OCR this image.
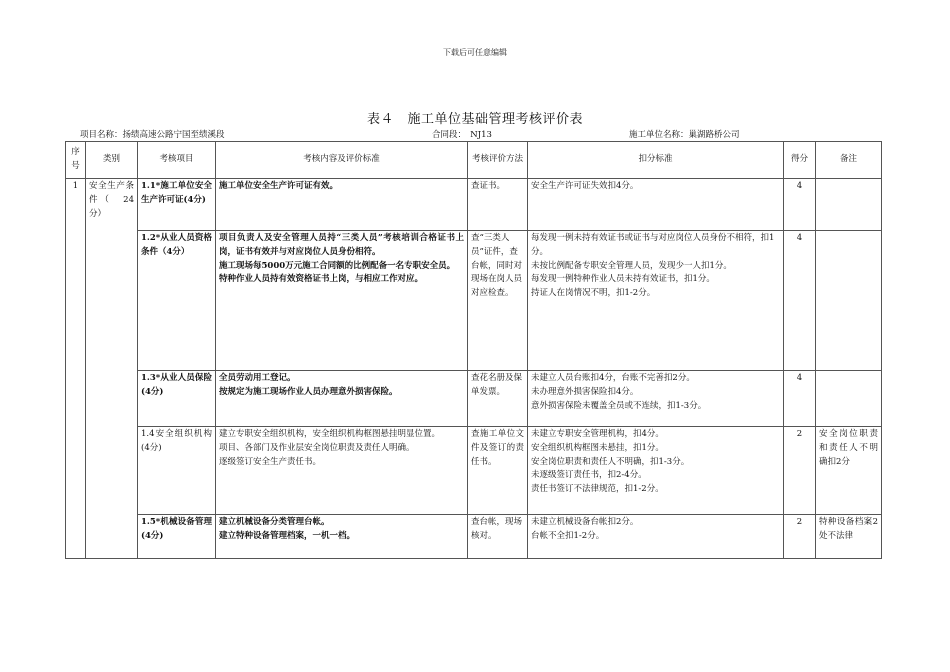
下载后可任意编辑
表４　施工单位基础管理考核评价表
项目名称：扬绩高速公路宁国至绩溪段	合同段：　NJ13	施工单位名称：巢湖路桥公司
序号	类别	考核项目	考核内容及评价标准	考核评价方法	扣分标准	得分	备注
1	安全生产条件（　24分）	1.1*施工单位安全生产许可证(4分)	施工单位安全生产许可证有效。	查证书。	安全生产许可证失效扣4分。	4	
		1.2*从业人员资格条件（4分）	项目负责人及安全管理人员持“三类人员”考核培训合格证书上岗，证书有效并与对应岗位人员身份相符。
施工现场每5000万元施工合同额的比例配备一名专职安全员。
特种作业人员持有效资格证书上岗，与相应工作对应。	查“三类人员”证件，查台帐，同时对现场在岗人员对应检查。	每发现一例未持有效证书或证书与对应岗位人员身份不相符，扣1分。
未按比例配备专职安全管理人员，发现少一人扣1分。
每发现一例特种作业人员未持有效证书，扣1分。
持证人在岗情况不明，扣1-2分。	4	
		1.3*从业人员保险(4分)	全员劳动用工登记。
按规定为施工现场作业人员办理意外损害保险。	查花名册及保单发票。	未建立人员台账扣4分，台账不完善扣2分。
未办理意外损害保险扣4分。
意外损害保险未覆盖全员或不连续，扣1-3分。	4	
		1.4安全组织机构(4分)	建立专职安全组织机构，安全组织机构框图悬挂明显位置。
项目、各部门及作业层安全岗位职责及责任人明确。
逐级签订安全生产责任书。	查施工单位文件及签订的责任书。	未建立专职安全管理机构，扣4分。
安全组织机构框图未悬挂，扣1分。
安全岗位职责和责任人不明确，扣1-3分。
未逐级签订责任书，扣2-4分。
责任书签订不法律规范，扣1-2分。	2	安全岗位职责和责任人不明确扣2分
		1.5*机械设备管理(4分)	建立机械设备分类管理台帐。
建立特种设备管理档案，一机一档。	查台帐，现场核对。	未建立机械设备台帐扣2分。
台帐不全扣1-2分。	2	特种设备档案2处不法律
